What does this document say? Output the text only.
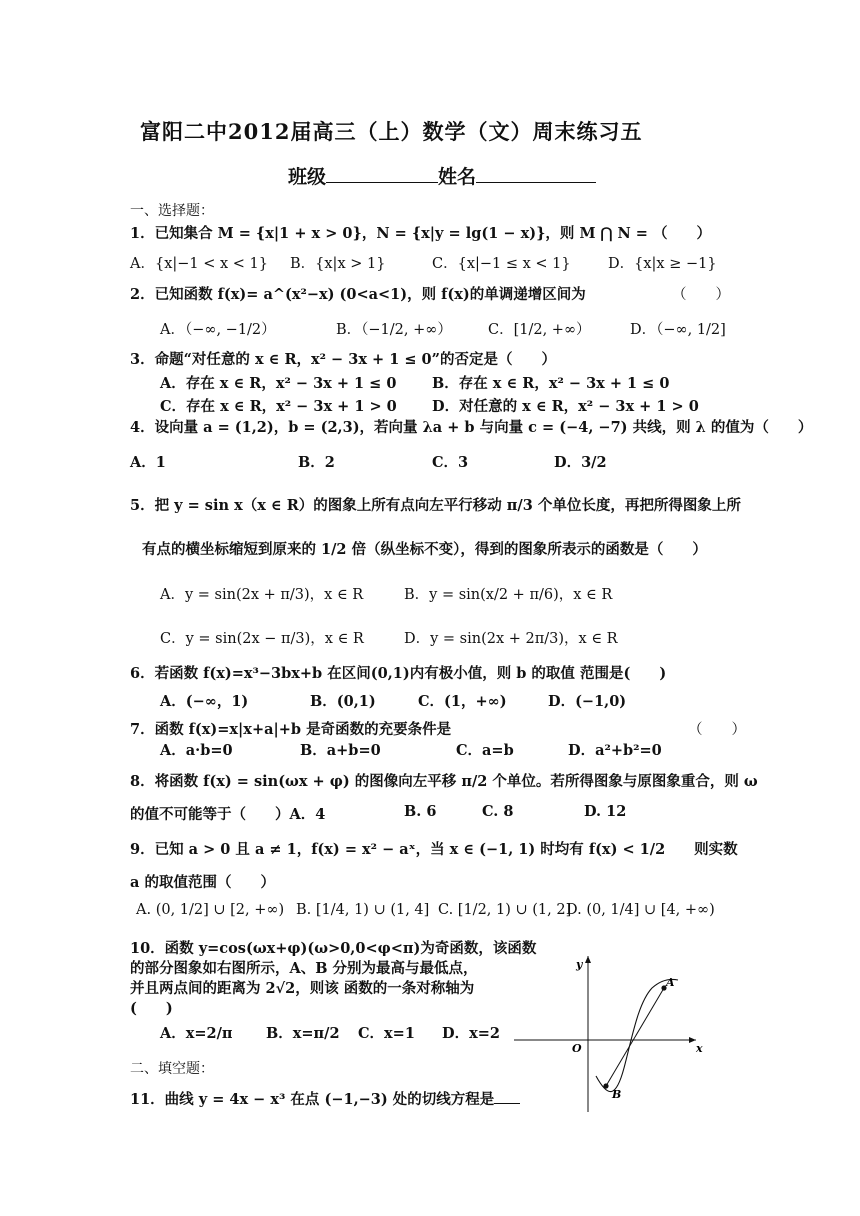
富阳二中2012届高三（上）数学（文）周末练习五
班级	姓名
一、选择题：
1．已知集合 M = {x|1 + x > 0}，N = {x|y = lg(1 − x)}，则 M ⋂ N = （　　）
A．{x|−1 < x < 1} B．{x|x > 1}	C．{x|−1 ≤ x < 1}	D．{x|x ≥ −1}
2．已知函数 f(x)= a^(x²−x) (0<a<1)，则 f(x)的单调递增区间为	（　　）
A．（−∞, −1/2）	B．（−1/2, +∞） C．[1/2, +∞）	D．（−∞, 1/2]
3．命题“对任意的 x ∈ R，x² − 3x + 1 ≤ 0”的否定是（　　）
A．存在 x ∈ R，x² − 3x + 1 ≤ 0 B．存在 x ∈ R，x² − 3x + 1 ≤ 0
C．存在 x ∈ R，x² − 3x + 1 > 0 D．对任意的 x ∈ R，x² − 3x + 1 > 0
4．设向量 a = (1,2)，b = (2,3)，若向量 λa + b 与向量 c = (−4, −7) 共线，则 λ 的值为（　　）
A．1	B．2	C．3	D．3/2
5．把 y = sin x（x ∈ R）的图象上所有点向左平行移动 π/3 个单位长度，再把所得图象上所
有点的横坐标缩短到原来的 1/2 倍（纵坐标不变），得到的图象所表示的函数是（　　）
A．y = sin(2x + π/3)，x ∈ R	B．y = sin(x/2 + π/6)，x ∈ R
C．y = sin(2x − π/3)，x ∈ R	D．y = sin(2x + 2π/3)，x ∈ R
6．若函数 f(x)=x³−3bx+b 在区间(0,1)内有极小值，则 b 的取值 范围是(　　)
A．(−∞，1)	B．(0,1)	C．(1，+∞)	D．(−1,0)
7．函数 f(x)=x|x+a|+b 是奇函数的充要条件是	（　　）
A．a·b=0	B．a+b=0	C．a=b	D．a²+b²=0
8．将函数 f(x) = sin(ωx + φ) 的图像向左平移 π/2 个单位。若所得图象与原图象重合，则 ω
的值不可能等于（　　）A．4	B. 6	C. 8	D. 12
9．已知 a > 0 且 a ≠ 1，f(x) = x² − aˣ，当 x ∈ (−1, 1) 时均有 f(x) < 1/2　　则实数
a 的取值范围（　　）
A. (0, 1/2] ∪ [2, +∞) B. [1/4, 1) ∪ (1, 4] C. [1/2, 1) ∪ (1, 2]
D. (0, 1/4] ∪ [4, +∞)
10．函数 y=cos(ωx+φ)(ω>0,0<φ<π)为奇函数，该函数
的部分图象如右图所示，A、B 分别为最高与最低点，
并且两点间的距离为 2√2，则该 函数的一条对称轴为
(　　)
A．x=2/π B．x=π/2 C．x=1 D．x=2
y
x
O
A
B
二、填空题：
11．曲线 y = 4x − x³ 在点 (−1,−3) 处的切线方程是
